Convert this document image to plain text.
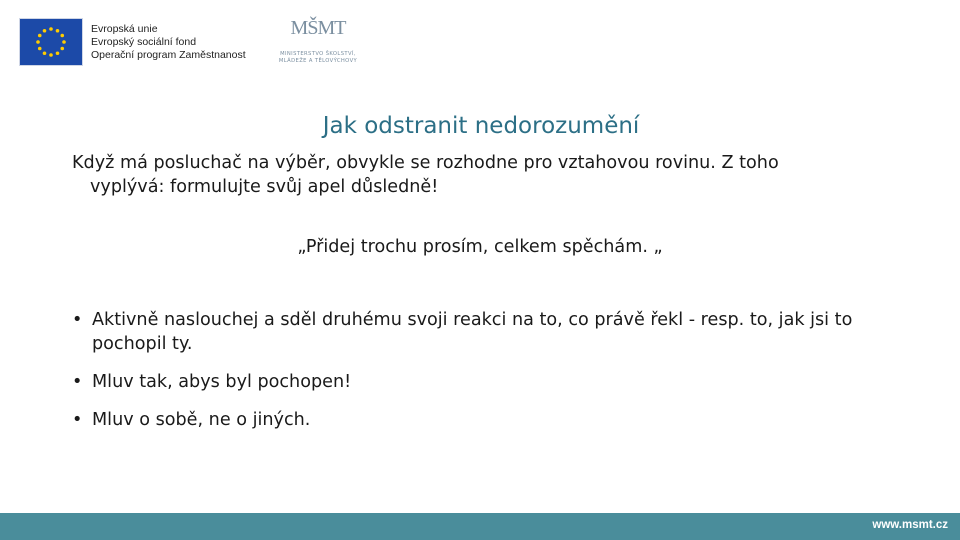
Evropská unie
Evropský sociální fond
Operační program Zaměstnanost
MŠMT
MINISTERSTVO ŠKOLSTVÍ,
MLÁDEŽE A TĚLOVÝCHOVY
Jak odstranit nedorozumění
Když má posluchač na výběr, obvykle se rozhodne pro vztahovou rovinu. Z toho
vyplývá: formulujte svůj apel důsledně!
„Přidej trochu prosím, celkem spěchám. „
• Aktivně naslouchej a sděl druhému svoji reakci na to, co právě řekl - resp. to, jak jsi to pochopil ty.
• Mluv tak, abys byl pochopen!
• Mluv o sobě, ne o jiných.
www.msmt.cz
